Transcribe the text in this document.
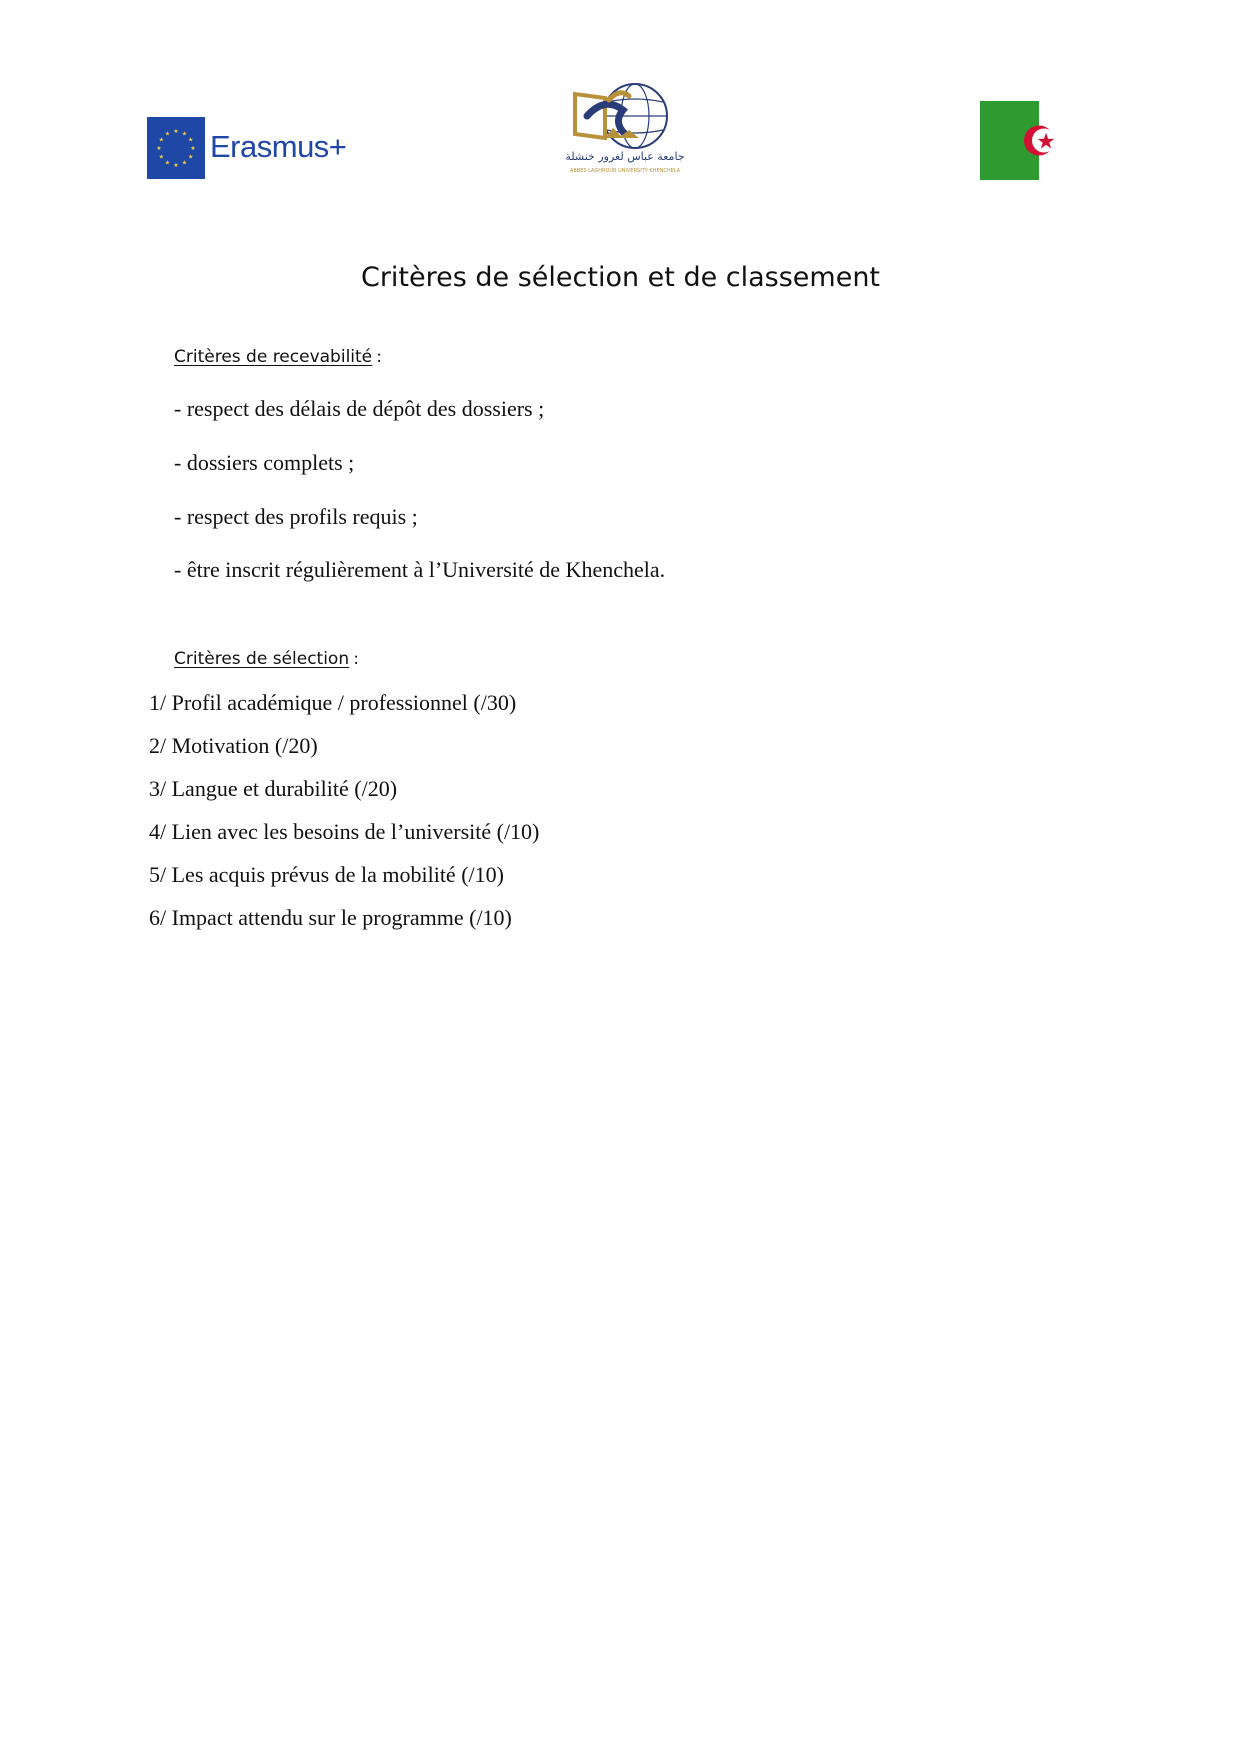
★ ★
★
★
★
★
★
★
★
★
★
★ Erasmus+	جامعة عباس لغرور خنشلة
ABBES LAGHROUR UNIVERSITY KHENCHELA
Critères de sélection et de classement
Critères de recevabilité :
- respect des délais de dépôt des dossiers ;
- dossiers complets ;
- respect des profils requis ;
- être inscrit régulièrement à l’Université de Khenchela.
Critères de sélection :
1/ Profil académique / professionnel (/30)
2/ Motivation (/20)
3/ Langue et durabilité (/20)
4/ Lien avec les besoins de l’université (/10)
5/ Les acquis prévus de la mobilité (/10)
6/ Impact attendu sur le programme (/10)
